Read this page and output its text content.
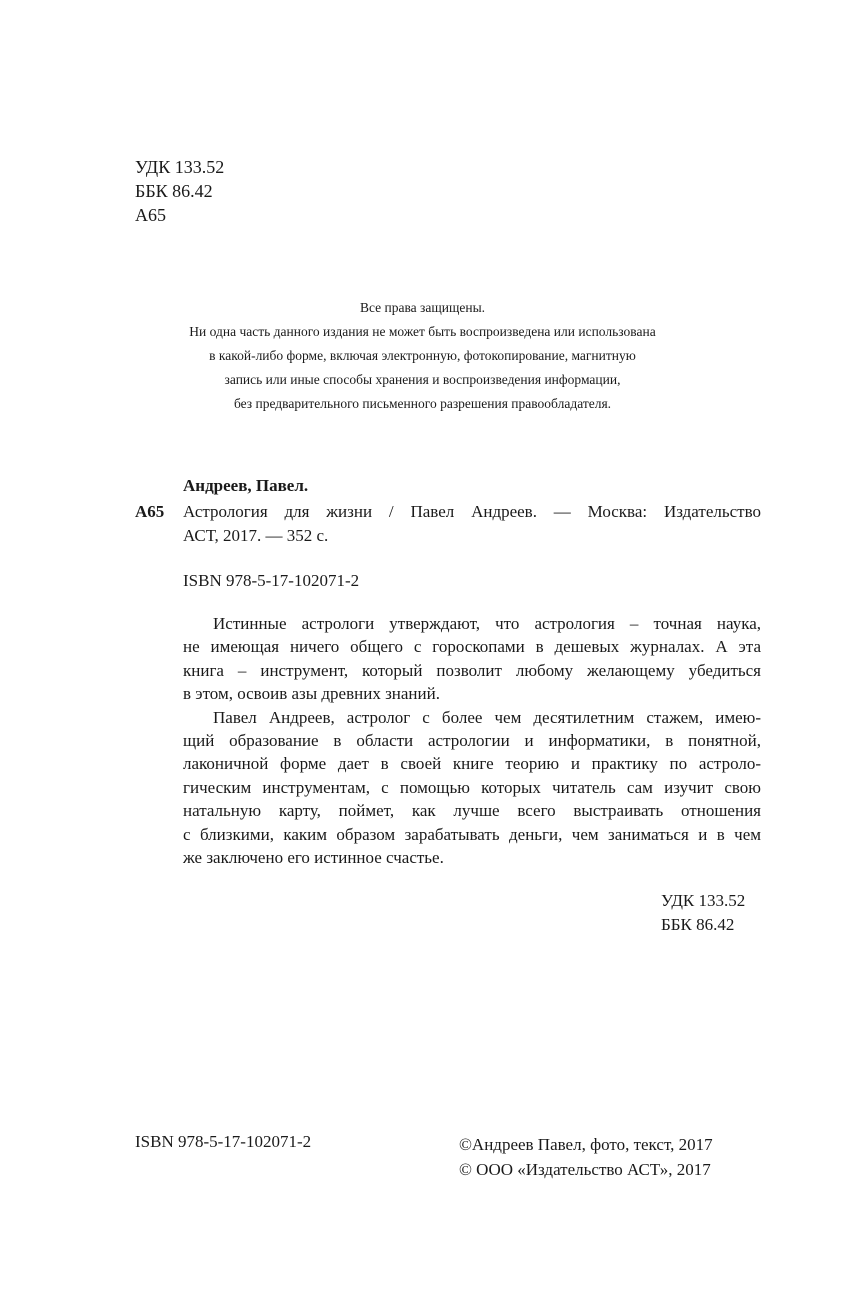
УДК 133.52
ББК 86.42
А65
Все права защищены.
Ни одна часть данного издания не может быть воспроизведена или использована
в какой-либо форме, включая электронную, фотокопирование, магнитную
запись или иные способы хранения и воспроизведения информации,
без предварительного письменного разрешения правообладателя.
Андреев, Павел.
А65 Астрология для жизни / Павел Андреев. — Москва: Издательство
АСТ, 2017. — 352 с.
ISBN 978-5-17-102071-2
Истинные астрологи утверждают, что астрология – точная наука,
не имеющая ничего общего с гороскопами в дешевых журналах. А эта
книга – инструмент, который позволит любому желающему убедиться
в этом, освоив азы древних знаний.
Павел Андреев, астролог с более чем десятилетним стажем, имею-
щий образование в области астрологии и информатики, в понятной,
лаконичной форме дает в своей книге теорию и практику по астроло-
гическим инструментам, с помощью которых читатель сам изучит свою
натальную карту, поймет, как лучше всего выстраивать отношения
с близкими, каким образом зарабатывать деньги, чем заниматься и в чем
же заключено его истинное счастье.
УДК 133.52
ББК 86.42
ISBN 978-5-17-102071-2	©Андреев Павел, фото, текст, 2017
© ООО «Издательство АСТ», 2017
